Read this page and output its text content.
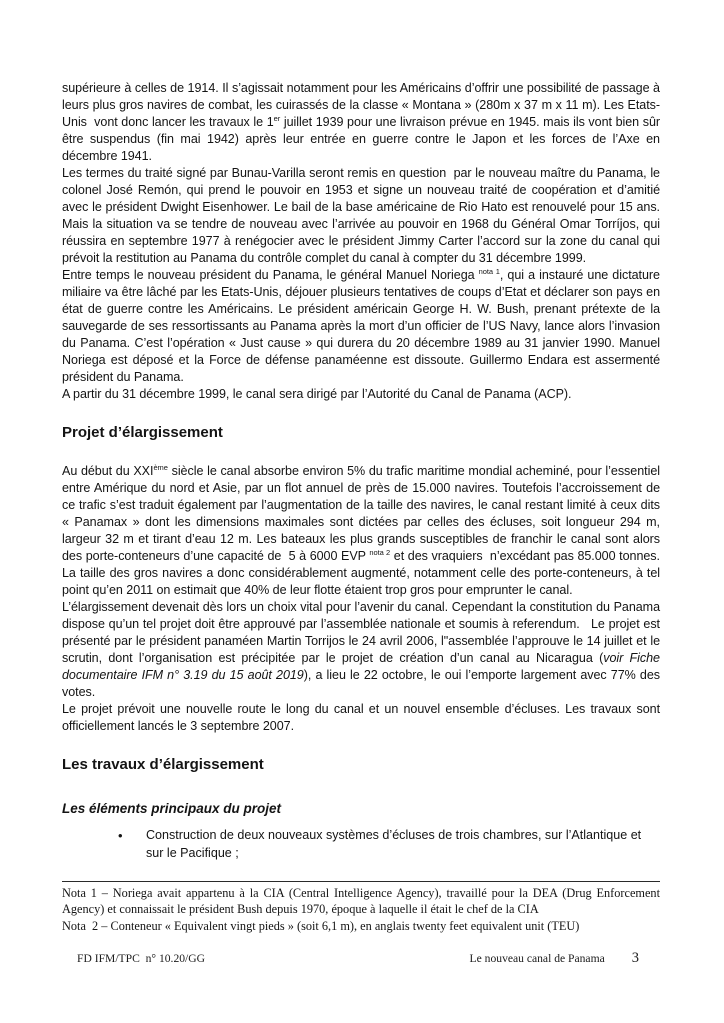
supérieure à celles de 1914. Il s’agissait notamment pour les Américains d’offrir une possibilité de passage à leurs plus gros navires de combat, les cuirassés de la classe « Montana » (280m x 37 m x 11 m). Les Etats-Unis  vont donc lancer les travaux le 1er juillet 1939 pour une livraison prévue en 1945. mais ils vont bien sûr être suspendus (fin mai 1942) après leur entrée en guerre contre le Japon et les forces de l’Axe en décembre 1941.

Les termes du traité signé par Bunau-Varilla seront remis en question  par le nouveau maître du Panama, le colonel José Remón, qui prend le pouvoir en 1953 et signe un nouveau traité de coopération et d’amitié avec le président Dwight Eisenhower. Le bail de la base américaine de Rio Hato est renouvelé pour 15 ans. Mais la situation va se tendre de nouveau avec l’arrivée au pouvoir en 1968 du Général Omar Torríjos, qui réussira en septembre 1977 à renégocier avec le président Jimmy Carter l’accord sur la zone du canal qui prévoit la restitution au Panama du contrôle complet du canal à compter du 31 décembre 1999.

Entre temps le nouveau président du Panama, le général Manuel Noriega $^{nota 1}$, qui a instauré une dictature miliaire va être lâché par les Etats-Unis, déjouer plusieurs tentatives de coups d’Etat et déclarer son pays en état de guerre contre les Américains. Le président américain George H. W. Bush, prenant prétexte de la sauvegarde de ses ressortissants au Panama après la mort d’un officier de l’US Navy, lance alors l’invasion du Panama. C’est l’opération « Just cause » qui durera du 20 décembre 1989 au 31 janvier 1990. Manuel Noriega est déposé et la Force de défense panaméenne est dissoute. Guillermo Endara est assermenté président du Panama.

A partir du 31 décembre 1999, le canal sera dirigé par l’Autorité du Canal de Panama (ACP).

Projet d’élargissement

Au début du XXIème siècle le canal absorbe environ 5% du trafic maritime mondial acheminé, pour l’essentiel entre Amérique du nord et Asie, par un flot annuel de près de 15.000 navires. Toutefois l’accroissement de ce trafic s’est traduit également par l’augmentation de la taille des navires, le canal restant limité à ceux dits « Panamax » dont les dimensions maximales sont dictées par celles des écluses, soit longueur 294 m, largeur 32 m et tirant d’eau 12 m. Les bateaux les plus grands susceptibles de franchir le canal sont alors des porte-conteneurs d’une capacité de  5 à 6000 EVP $^{nota 2}$ et des vraquiers  n’excédant pas 85.000 tonnes. La taille des gros navires a donc considérablement augmenté, notamment celle des porte-conteneurs, à tel point qu’en 2011 on estimait que 40% de leur flotte étaient trop gros pour emprunter le canal.

L’élargissement devenait dès lors un choix vital pour l’avenir du canal. Cependant la constitution du Panama dispose qu’un tel projet doit être approuvé par l’assemblée nationale et soumis à referendum.   Le projet est présenté par le président panaméen Martin Torrijos le 24 avril 2006, l"assemblée l’approuve le 14 juillet et le scrutin, dont l’organisation est précipitée par le projet de création d’un canal au Nicaragua (voir Fiche documentaire IFM n° 3.19 du 15 août 2019), a lieu le 22 octobre, le oui l’emporte largement avec 77% des votes.

Le projet prévoit une nouvelle route le long du canal et un nouvel ensemble d’écluses. Les travaux sont officiellement lancés le 3 septembre 2007.

Les travaux d’élargissement
Les éléments principaux du projet
• Construction de deux nouveaux systèmes d’écluses de trois chambres, sur l’Atlantique et sur le Pacifique ;

Nota 1 – Noriega avait appartenu à la CIA (Central Intelligence Agency), travaillé pour la DEA (Drug Enforcement Agency) et connaissait le président Bush depuis 1970, époque à laquelle il était le chef de la CIA

Nota  2 – Conteneur « Equivalent vingt pieds » (soit 6,1 m), en anglais twenty feet equivalent unit (TEU)

FD IFM/TPC  n° 10.20/GG	Le nouveau canal de Panama 3
